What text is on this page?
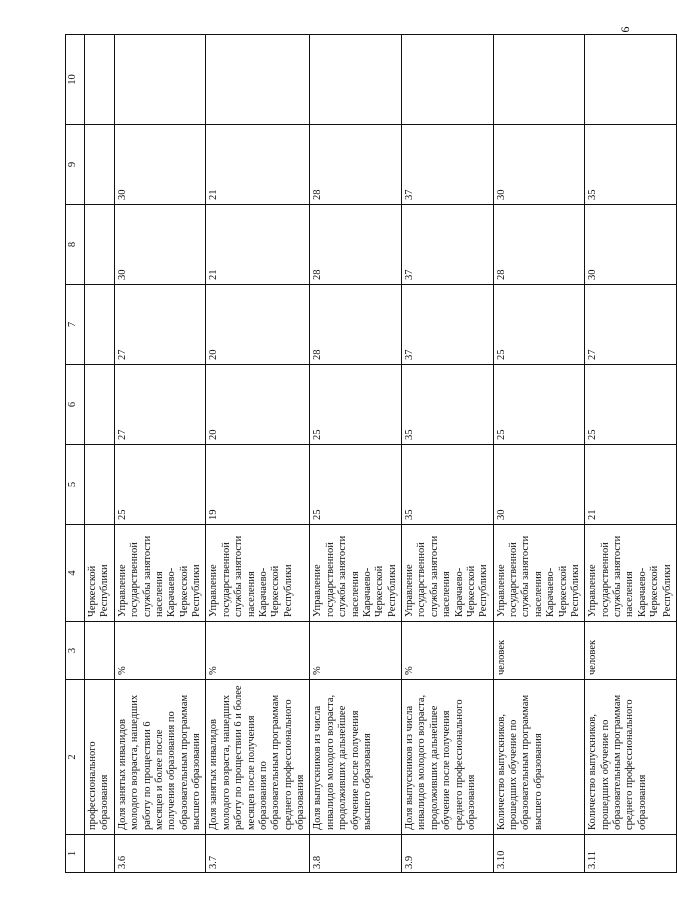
9
1	2	3	4	5	6	7	8	9	10
	профессионального образования		Черкесской Республики						
3.6	Доля занятых инвалидов молодого возраста, нашедших работу по проществии 6 месяцев и более после получения образования по образовательным программам высшего образования	%	Управление государственной службы занятости населения Карачаево-Черкесской Республики	25	27	27	30	30	
3.7	Доля занятых инвалидов молодого возраста, нашедших работу по проществии 6 и более месяцев после получения образования по образовательным программам среднего профессионального образования	%	Управление государственной службы занятости населения Карачаево-Черкесской Республики	19	20	20	21	21	
3.8	Доля выпускников из числа инвалидов молодого возраста, продолживших дальнейшее обучение после получения высшего образования	%	Управление государственной службы занятости населения Карачаево-Черкесской Республики	25	25	28	28	28	
3.9	Доля выпускников из числа инвалидов молодого возраста, продолживших дальнейшее обучение после получения среднего профессионального образования	%	Управление государственной службы занятости населения Карачаево-Черкесской Республики	35	35	37	37	37	
3.10	Количество выпускников, прошедших обучение по образовательным программам высшего образования	человек	Управление государственной службы занятости населения Карачаево-Черкесской Республики	30	25	25	28	30	
3.11	Количество выпускников, прошедших обучение по образовательным программам среднего профессионального образования	человек	Управление государственной службы занятости населения Карачаево-Черкесской Республики	21	25	27	30	35	
